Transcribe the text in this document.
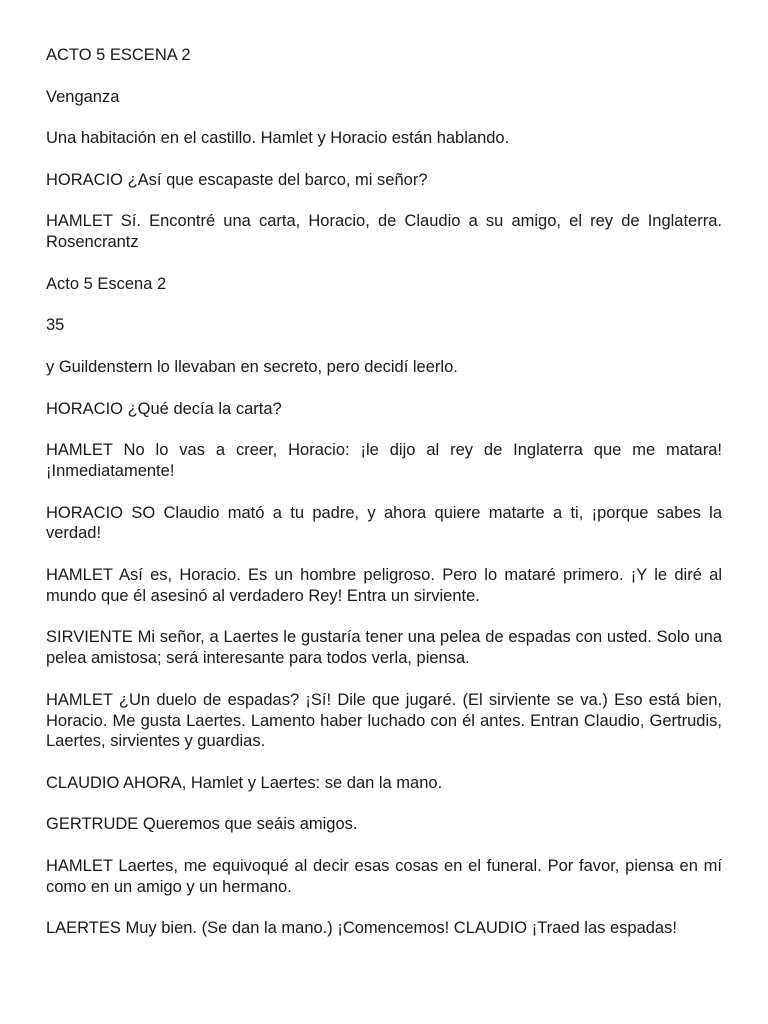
ACTO 5 ESCENA 2

Venganza

Una habitación en el castillo. Hamlet y Horacio están hablando.

HORACIO ¿Así que escapaste del barco, mi señor?

HAMLET Sí. Encontré una carta, Horacio, de Claudio a su amigo, el rey de Inglaterra. Rosencrantz

Acto 5 Escena 2

35

y Guildenstern lo llevaban en secreto, pero decidí leerlo.

HORACIO ¿Qué decía la carta?

HAMLET No lo vas a creer, Horacio: ¡le dijo al rey de Inglaterra que me matara! ¡Inmediatamente!

HORACIO SO Claudio mató a tu padre, y ahora quiere matarte a ti, ¡porque sabes la verdad!

HAMLET Así es, Horacio. Es un hombre peligroso. Pero lo mataré primero. ¡Y le diré al mundo que él asesinó al verdadero Rey! Entra un sirviente.

SIRVIENTE Mi señor, a Laertes le gustaría tener una pelea de espadas con usted. Solo una pelea amistosa; será interesante para todos verla, piensa.

HAMLET ¿Un duelo de espadas? ¡Sí! Dile que jugaré. (El sirviente se va.) Eso está bien, Horacio. Me gusta Laertes. Lamento haber luchado con él antes. Entran Claudio, Gertrudis, Laertes, sirvientes y guardias.

CLAUDIO AHORA, Hamlet y Laertes: se dan la mano.

GERTRUDE Queremos que seáis amigos.

HAMLET Laertes, me equivoqué al decir esas cosas en el funeral. Por favor, piensa en mí como en un amigo y un hermano.

LAERTES Muy bien. (Se dan la mano.) ¡Comencemos! CLAUDIO ¡Traed las espadas!
